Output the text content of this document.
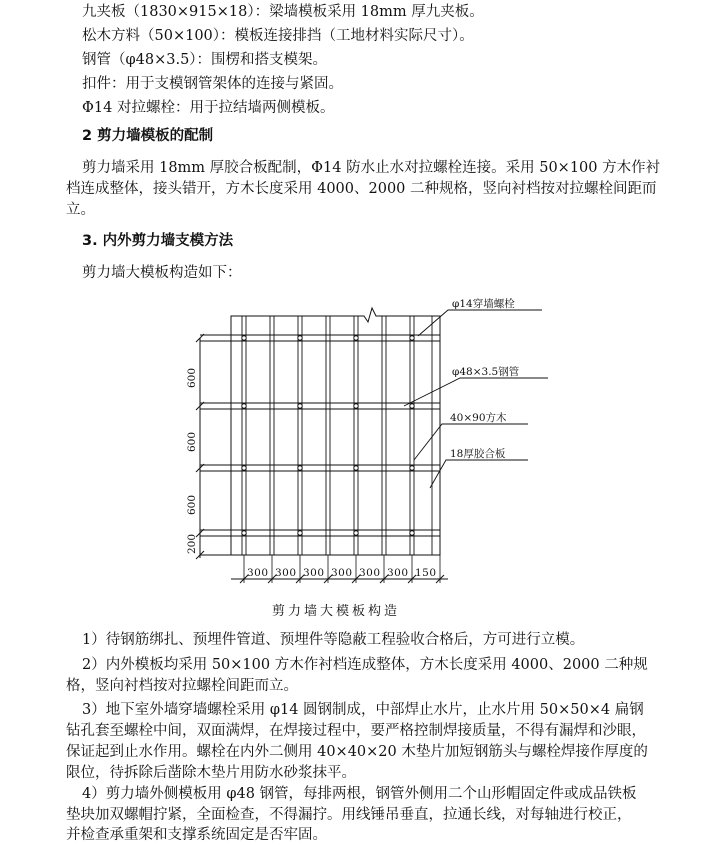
九夹板（1830×915×18）：梁墙模板采用 18mm 厚九夹板。
松木方料（50×100）：模板连接排挡（工地材料实际尺寸）。
钢管（φ48×3.5）：围楞和搭支模架。
扣件：用于支模钢管架体的连接与紧固。
Φ14 对拉螺栓：用于拉结墙两侧模板。
2 剪力墙模板的配制
剪力墙采用 18mm 厚胶合板配制，Φ14 防水止水对拉螺栓连接。采用 50×100 方木作衬
档连成整体，接头错开，方木长度采用 4000、2000 二种规格，竖向衬档按对拉螺栓间距而
立。
3. 内外剪力墙支模方法
剪力墙大模板构造如下：
φ14穿墙螺栓
φ48×3.5钢管
40×90方木
18厚胶合板
600
600
600
200
300 300 300 300 300 300 150
剪力墙大模板构造
1）待钢筋绑扎、预埋件管道、预埋件等隐蔽工程验收合格后，方可进行立模。
2）内外模板均采用 50×100 方木作衬档连成整体，方木长度采用 4000、2000 二种规
格，竖向衬档按对拉螺栓间距而立。
3）地下室外墙穿墙螺栓采用 φ14 圆钢制成，中部焊止水片，止水片用 50×50×4 扁钢
钻孔套至螺栓中间，双面满焊，在焊接过程中，要严格控制焊接质量，不得有漏焊和沙眼，
保证起到止水作用。螺栓在内外二侧用 40×40×20 木垫片加短钢筋头与螺栓焊接作厚度的
限位，待拆除后凿除木垫片用防水砂浆抹平。
4）剪力墙外侧模板用 φ48 钢管，每排两根，钢管外侧用二个山形帽固定件或成品铁板
垫块加双螺帽拧紧，全面检查，不得漏拧。用线锤吊垂直，拉通长线，对每轴进行校正，
并检查承重架和支撑系统固定是否牢固。
